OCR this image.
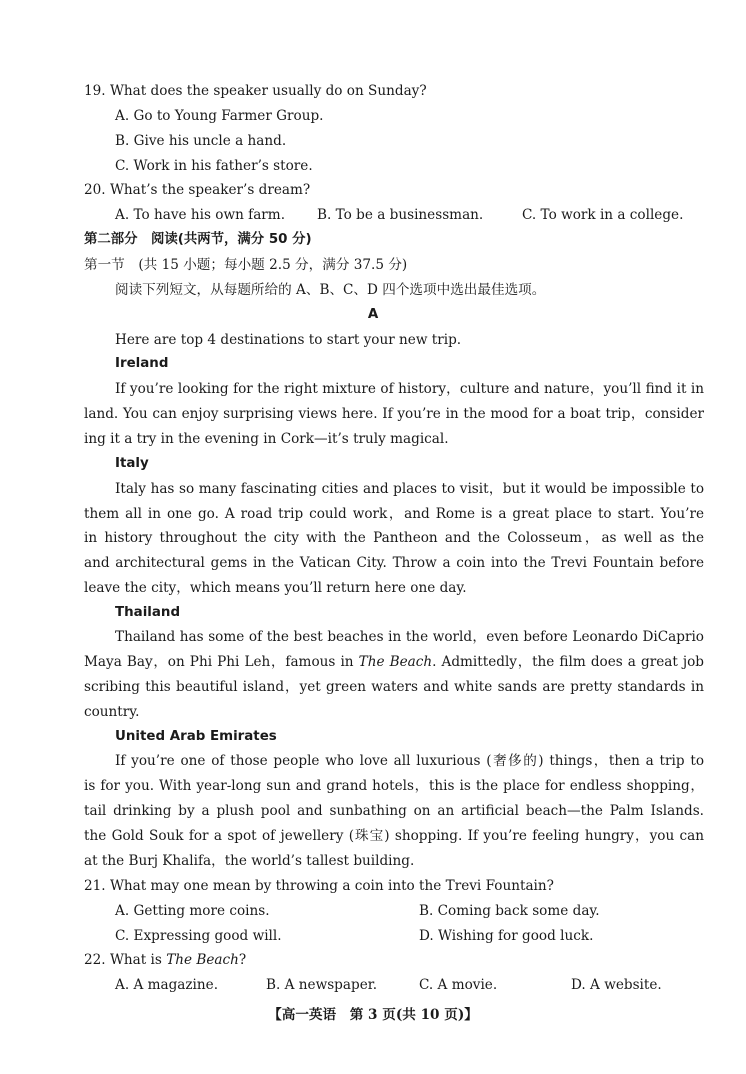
19. What does the speaker usually do on Sunday?
A. Go to Young Farmer Group.
B. Give his uncle a hand.
C. Work in his father’s store.
20. What’s the speaker’s dream?
A. To have his own farm. B. To be a businessman.	C. To work in a college.
第二部分　阅读(共两节，满分 50 分)
第一节　(共 15 小题；每小题 2.5 分，满分 37.5 分)
阅读下列短文，从每题所给的 A、B、C、D 四个选项中选出最佳选项。
A
Here are top 4 destinations to start your new trip.
Ireland
If you’re looking for the right mixture of history，culture and nature，you’ll find it in
land. You can enjoy surprising views here. If you’re in the mood for a boat trip，consider
ing it a try in the evening in Cork—it’s truly magical.
Italy
Italy has so many fascinating cities and places to visit，but it would be impossible to
them all in one go. A road trip could work，and Rome is a great place to start. You’re
in history throughout the city with the Pantheon and the Colosseum，as well as the
and architectural gems in the Vatican City. Throw a coin into the Trevi Fountain before
leave the city，which means you’ll return here one day.
Thailand
Thailand has some of the best beaches in the world，even before Leonardo DiCaprio
Maya Bay，on Phi Phi Leh，famous in The Beach. Admittedly，the film does a great job
scribing this beautiful island，yet green waters and white sands are pretty standards in
country.
United Arab Emirates
If you’re one of those people who love all luxurious (奢侈的) things，then a trip to
is for you. With year-long sun and grand hotels，this is the place for endless shopping，
tail drinking by a plush pool and sunbathing on an artificial beach—the Palm Islands.
the Gold Souk for a spot of jewellery (珠宝) shopping. If you’re feeling hungry，you can
at the Burj Khalifa，the world’s tallest building.
21. What may one mean by throwing a coin into the Trevi Fountain?
A. Getting more coins.	B. Coming back some day.
C. Expressing good will.	D. Wishing for good luck.
22. What is The Beach?
A. A magazine.	B. A newspaper.	C. A movie.	D. A website.
【高一英语　第 3 页(共 10 页)】
